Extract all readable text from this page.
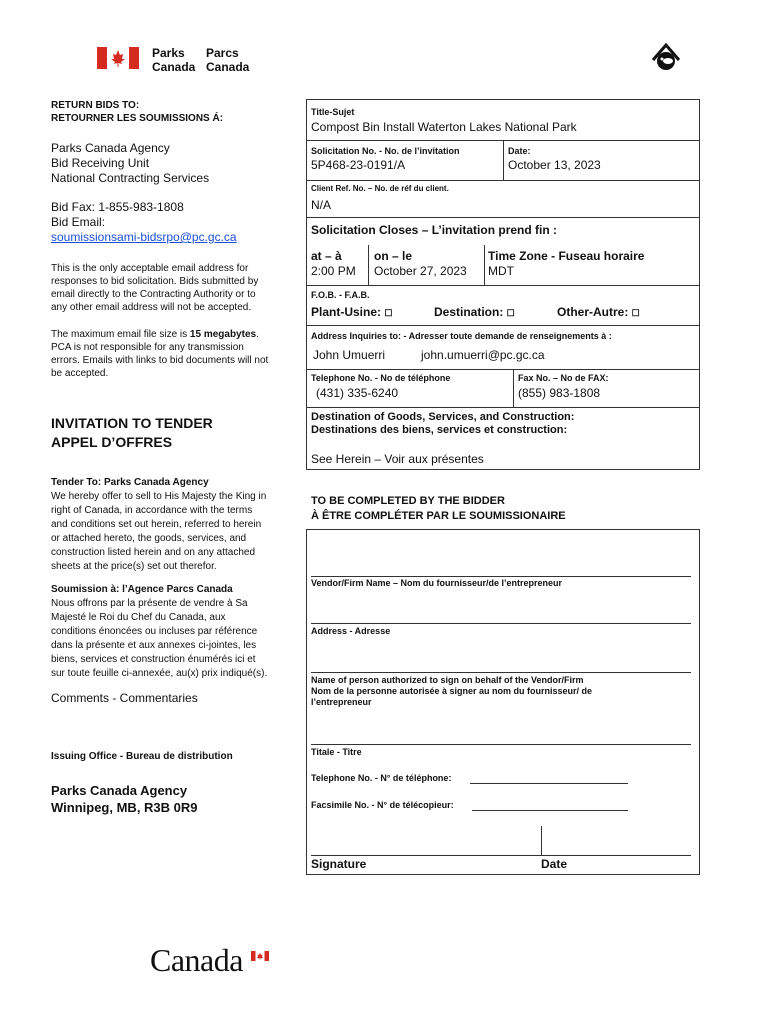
Parks
Canada
Parcs
Canada
RETURN BIDS TO:
RETOURNER LES SOUMISSIONS Á:
Parks Canada Agency
Bid Receiving Unit
National Contracting Services
Bid Fax: 1-855-983-1808
Bid Email:
soumissionsami-bidsrpo@pc.gc.ca
This is the only acceptable email address for
responses to bid solicitation. Bids submitted by
email directly to the Contracting Authority or to
any other email address will not be accepted.
The maximum email file size is 15 megabytes.
PCA is not responsible for any transmission
errors. Emails with links to bid documents will not
be accepted.
INVITATION TO TENDER
APPEL D’OFFRES
Tender To: Parks Canada Agency
We hereby offer to sell to His Majesty the King in
right of Canada, in accordance with the terms
and conditions set out herein, referred to herein
or attached hereto, the goods, services, and
construction listed herein and on any attached
sheets at the price(s) set out therefor.
Soumission à: l’Agence Parcs Canada
Nous offrons par la présente de vendre à Sa
Majesté le Roi du Chef du Canada, aux
conditions énoncées ou incluses par référence
dans la présente et aux annexes ci-jointes, les
biens, services et construction énumérés ici et
sur toute feuille ci-annexée, au(x) prix indiqué(s).
Comments - Commentaries
Issuing Office - Bureau de distribution
Parks Canada Agency
Winnipeg, MB, R3B 0R9
Title-Sujet
Compost Bin Install Waterton Lakes National Park
Solicitation No. - No. de l’invitation
5P468-23-0191/A
Date:
October 13, 2023
Client Ref. No. – No. de réf du client.
N/A
Solicitation Closes – L’invitation prend fin :
at – à
2:00 PM
on – le
October 27, 2023
Time Zone - Fuseau horaire
MDT
F.O.B. - F.A.B.
Plant-Usine: ☐	Destination: ☐	Other-Autre: ☐
Address Inquiries to: - Adresser toute demande de renseignements à :
John Umuerri	john.umuerri@pc.gc.ca
Telephone No. - No de téléphone
(431) 335-6240
Fax No. – No de FAX:
(855) 983-1808
Destination of Goods, Services, and Construction:
Destinations des biens, services et construction:
See Herein – Voir aux présentes
TO BE COMPLETED BY THE BIDDER
À ÊTRE COMPLÉTER PAR LE SOUMISSIONAIRE
Vendor/Firm Name – Nom du fournisseur/de l’entrepreneur
Address - Adresse
Name of person authorized to sign on behalf of the Vendor/Firm
Nom de la personne autorisée à signer au nom du fournisseur/ de
l’entrepreneur
Titale - Titre
Telephone No. - N° de téléphone:
Facsimile No. - N° de télécopieur:
Signature	Date
Canada
